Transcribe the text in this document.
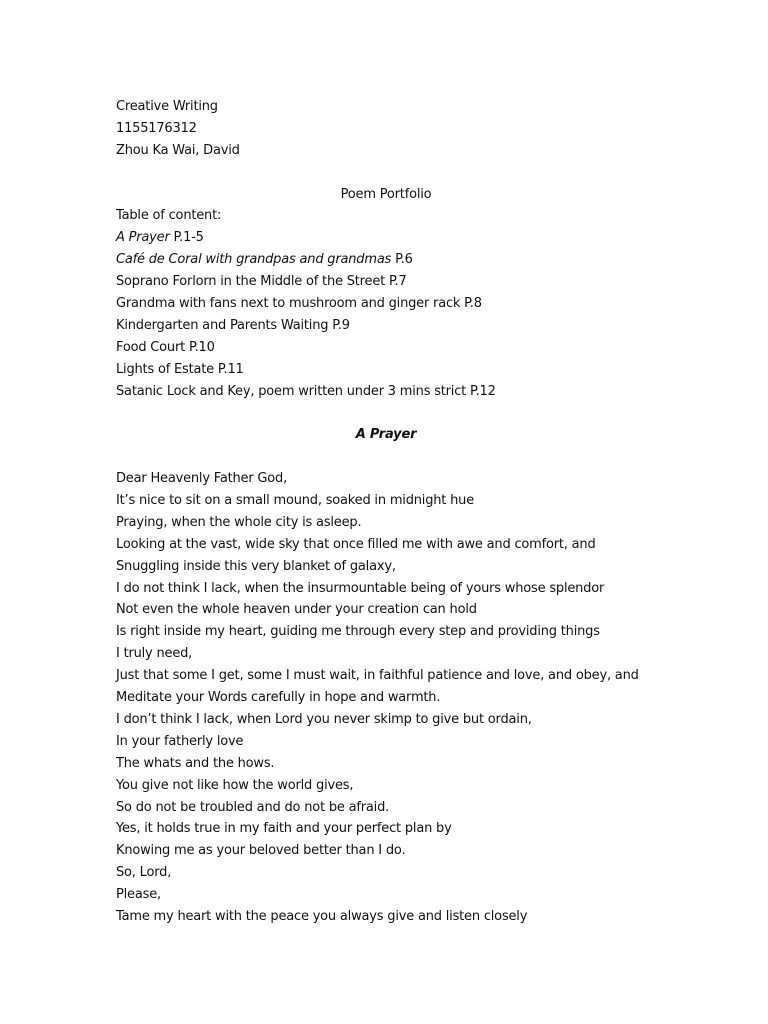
Creative Writing
1155176312
Zhou Ka Wai, David
Poem Portfolio
Table of content:
A Prayer P.1-5
Café de Coral with grandpas and grandmas P.6
Soprano Forlorn in the Middle of the Street P.7
Grandma with fans next to mushroom and ginger rack P.8
Kindergarten and Parents Waiting P.9
Food Court P.10
Lights of Estate P.11
Satanic Lock and Key, poem written under 3 mins strict P.12
A Prayer
Dear Heavenly Father God,
It’s nice to sit on a small mound, soaked in midnight hue
Praying, when the whole city is asleep.
Looking at the vast, wide sky that once filled me with awe and comfort, and
Snuggling inside this very blanket of galaxy,
I do not think I lack, when the insurmountable being of yours whose splendor
Not even the whole heaven under your creation can hold
Is right inside my heart, guiding me through every step and providing things
I truly need,
Just that some I get, some I must wait, in faithful patience and love, and obey, and
Meditate your Words carefully in hope and warmth.
I don’t think I lack, when Lord you never skimp to give but ordain,
In your fatherly love
The whats and the hows.
You give not like how the world gives,
So do not be troubled and do not be afraid.
Yes, it holds true in my faith and your perfect plan by
Knowing me as your beloved better than I do.
So, Lord,
Please,
Tame my heart with the peace you always give and listen closely
